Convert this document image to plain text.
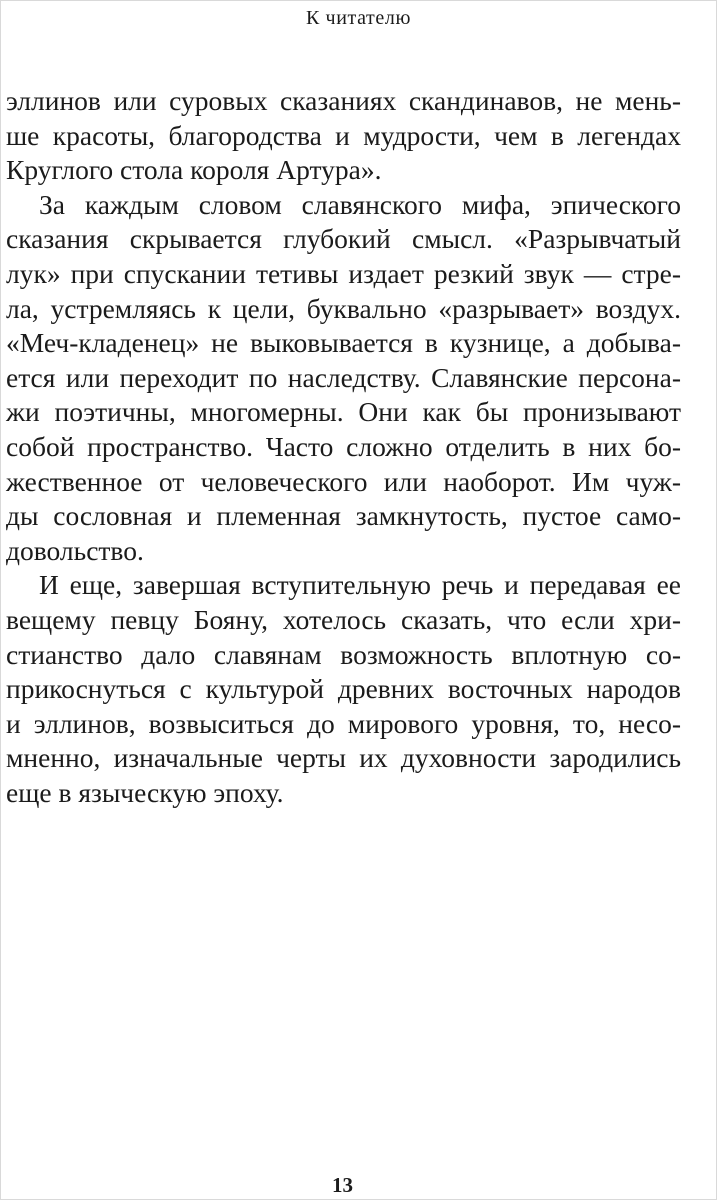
К читателю
эллинов или суровых сказаниях скандинавов, не мень-
ше красоты, благородства и мудрости, чем в легендах
Круглого стола короля Артура».
За каждым словом славянского мифа, эпического
сказания скрывается глубокий смысл. «Разрывчатый
лук» при спускании тетивы издает резкий звук — стре-
ла, устремляясь к цели, буквально «разрывает» воздух.
«Меч-кладенец» не выковывается в кузнице, а добыва-
ется или переходит по наследству. Славянские персона-
жи поэтичны, многомерны. Они как бы пронизывают
собой пространство. Часто сложно отделить в них бо-
жественное от человеческого или наоборот. Им чуж-
ды сословная и племенная замкнутость, пустое само-
довольство.
И еще, завершая вступительную речь и передавая ее
вещему певцу Бояну, хотелось сказать, что если хри-
стианство дало славянам возможность вплотную со-
прикоснуться с культурой древних восточных народов
и эллинов, возвыситься до мирового уровня, то, несо-
мненно, изначальные черты их духовности зародились
еще в языческую эпоху.
13
